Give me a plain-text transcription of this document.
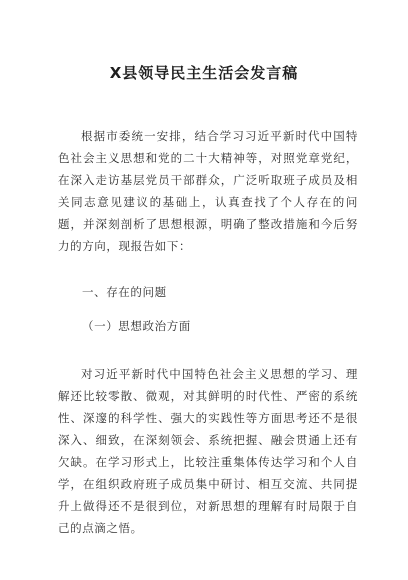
X县领导民主生活会发言稿
根据市委统一安排，结合学习习近平新时代中国特色社会主义思想和党的二十大精神等，对照党章党纪，在深入走访基层党员干部群众，广泛听取班子成员及相关同志意见建议的基础上，认真查找了个人存在的问题，并深刻剖析了思想根源，明确了整改措施和今后努力的方向，现报告如下：
一、存在的问题
（一）思想政治方面
对习近平新时代中国特色社会主义思想的学习、理解还比较零散、微观，对其鲜明的时代性、严密的系统性、深邃的科学性、强大的实践性等方面思考还不是很深入、细致，在深刻领会、系统把握、融会贯通上还有欠缺。在学习形式上，比较注重集体传达学习和个人自学，在组织政府班子成员集中研讨、相互交流、共同提升上做得还不是很到位，对新思想的理解有时局限于自己的点滴之悟。
